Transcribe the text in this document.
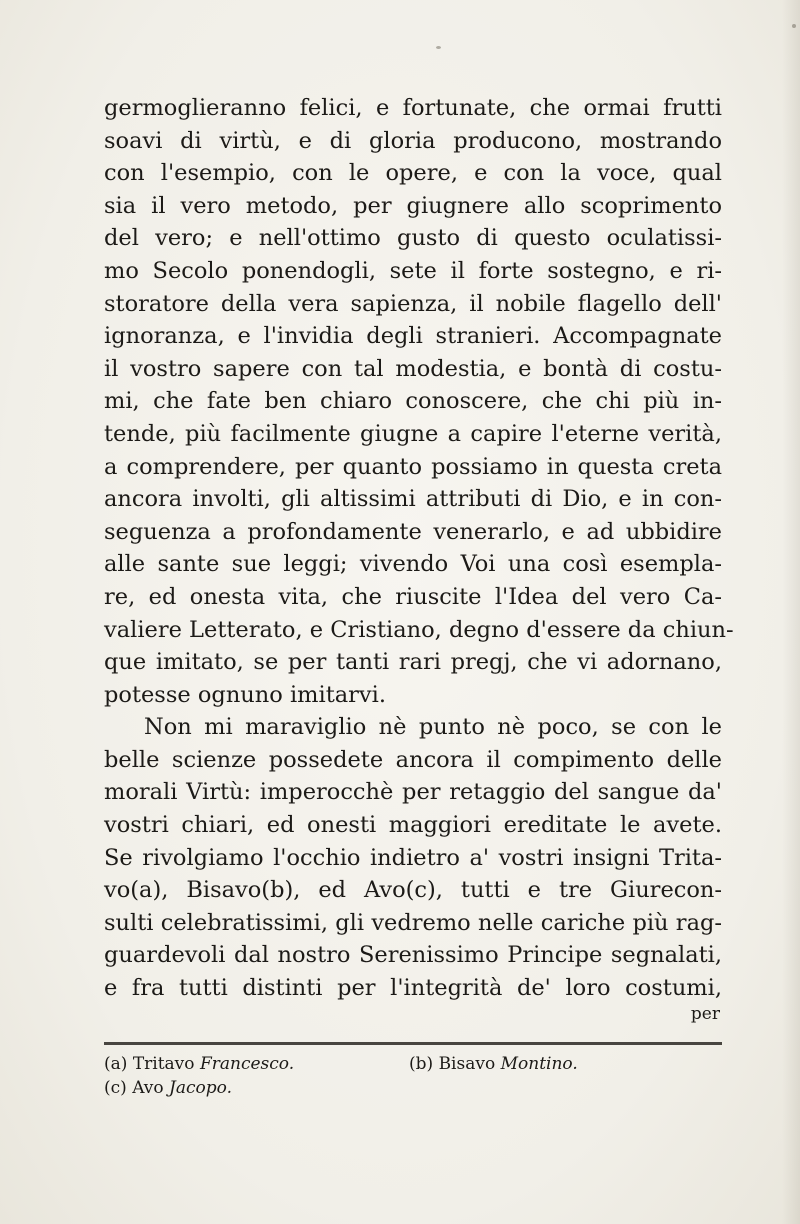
germoglieranno felici, e fortunate, che ormai frutti
soavi di virtù, e di gloria producono, mostrando
con l'esempio, con le opere, e con la voce, qual
sia il vero metodo, per giugnere allo scoprimento
del vero; e nell'ottimo gusto di questo oculatissi-
mo Secolo ponendogli, sete il forte sostegno, e ri-
storatore della vera sapienza, il nobile flagello dell'
ignoranza, e l'invidia degli stranieri. Accompagnate
il vostro sapere con tal modestia, e bontà di costu-
mi, che fate ben chiaro conoscere, che chi più in-
tende, più facilmente giugne a capire l'eterne verità,
a comprendere, per quanto possiamo in questa creta
ancora involti, gli altissimi attributi di Dio, e in con-
seguenza a profondamente venerarlo, e ad ubbidire
alle sante sue leggi; vivendo Voi una così esempla-
re, ed onesta vita, che riuscite l'Idea del vero Ca-
valiere Letterato, e Cristiano, degno d'essere da chiun-
que imitato, se per tanti rari pregj, che vi adornano,
potesse ognuno imitarvi.
Non mi maraviglio nè punto nè poco, se con le
belle scienze possedete ancora il compimento delle
morali Virtù: imperocchè per retaggio del sangue da'
vostri chiari, ed onesti maggiori ereditate le avete.
Se rivolgiamo l'occhio indietro a' vostri insigni Trita-
vo(a), Bisavo(b), ed Avo(c), tutti e tre Giurecon-
sulti celebratissimi, gli vedremo nelle cariche più rag-
guardevoli dal nostro Serenissimo Principe segnalati,
e fra tutti distinti per l'integrità de' loro costumi,
per
(a) Tritavo Francesco.	(b) Bisavo Montino.
(c) Avo Jacopo.
